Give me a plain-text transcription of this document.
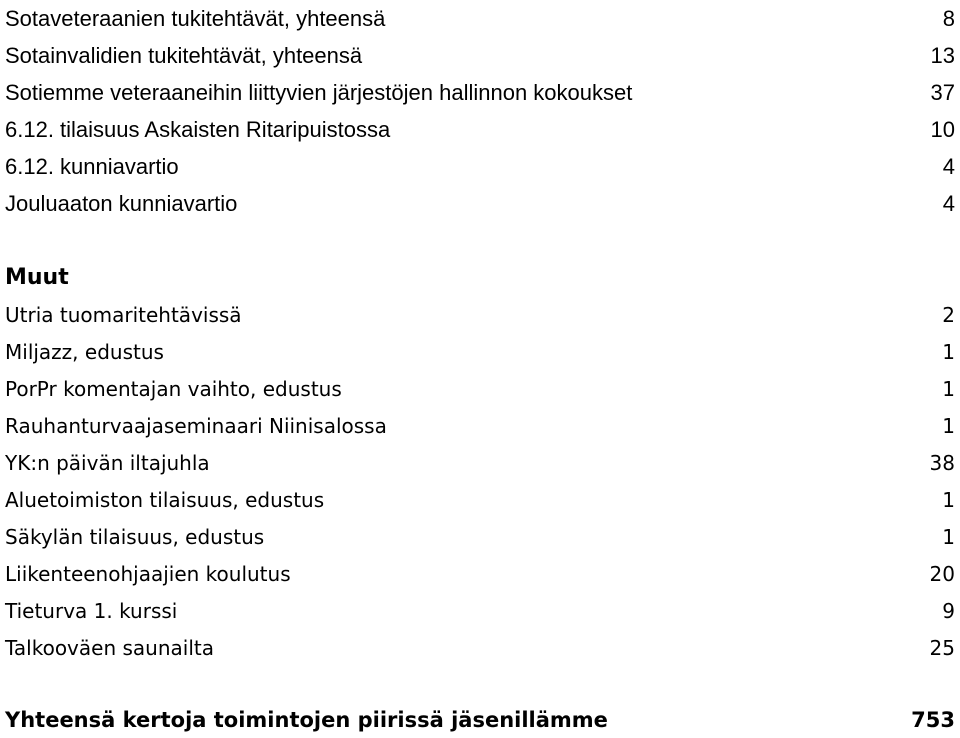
Sotaveteraanien tukitehtävät, yhteensä	8
Sotainvalidien tukitehtävät, yhteensä	13
Sotiemme veteraaneihin liittyvien järjestöjen hallinnon kokoukset	37
6.12. tilaisuus Askaisten Ritaripuistossa	10
6.12. kunniavartio	4
Jouluaaton kunniavartio	4
Muut
Utria tuomaritehtävissä	2
Miljazz, edustus	1
PorPr komentajan vaihto, edustus	1
Rauhanturvaajaseminaari Niinisalossa	1
YK:n päivän iltajuhla	38
Aluetoimiston tilaisuus, edustus	1
Säkylän tilaisuus, edustus	1
Liikenteenohjaajien koulutus	20
Tieturva 1. kurssi	9
Talkooväen saunailta	25
Yhteensä kertoja toimintojen piirissä jäsenillämme	753
